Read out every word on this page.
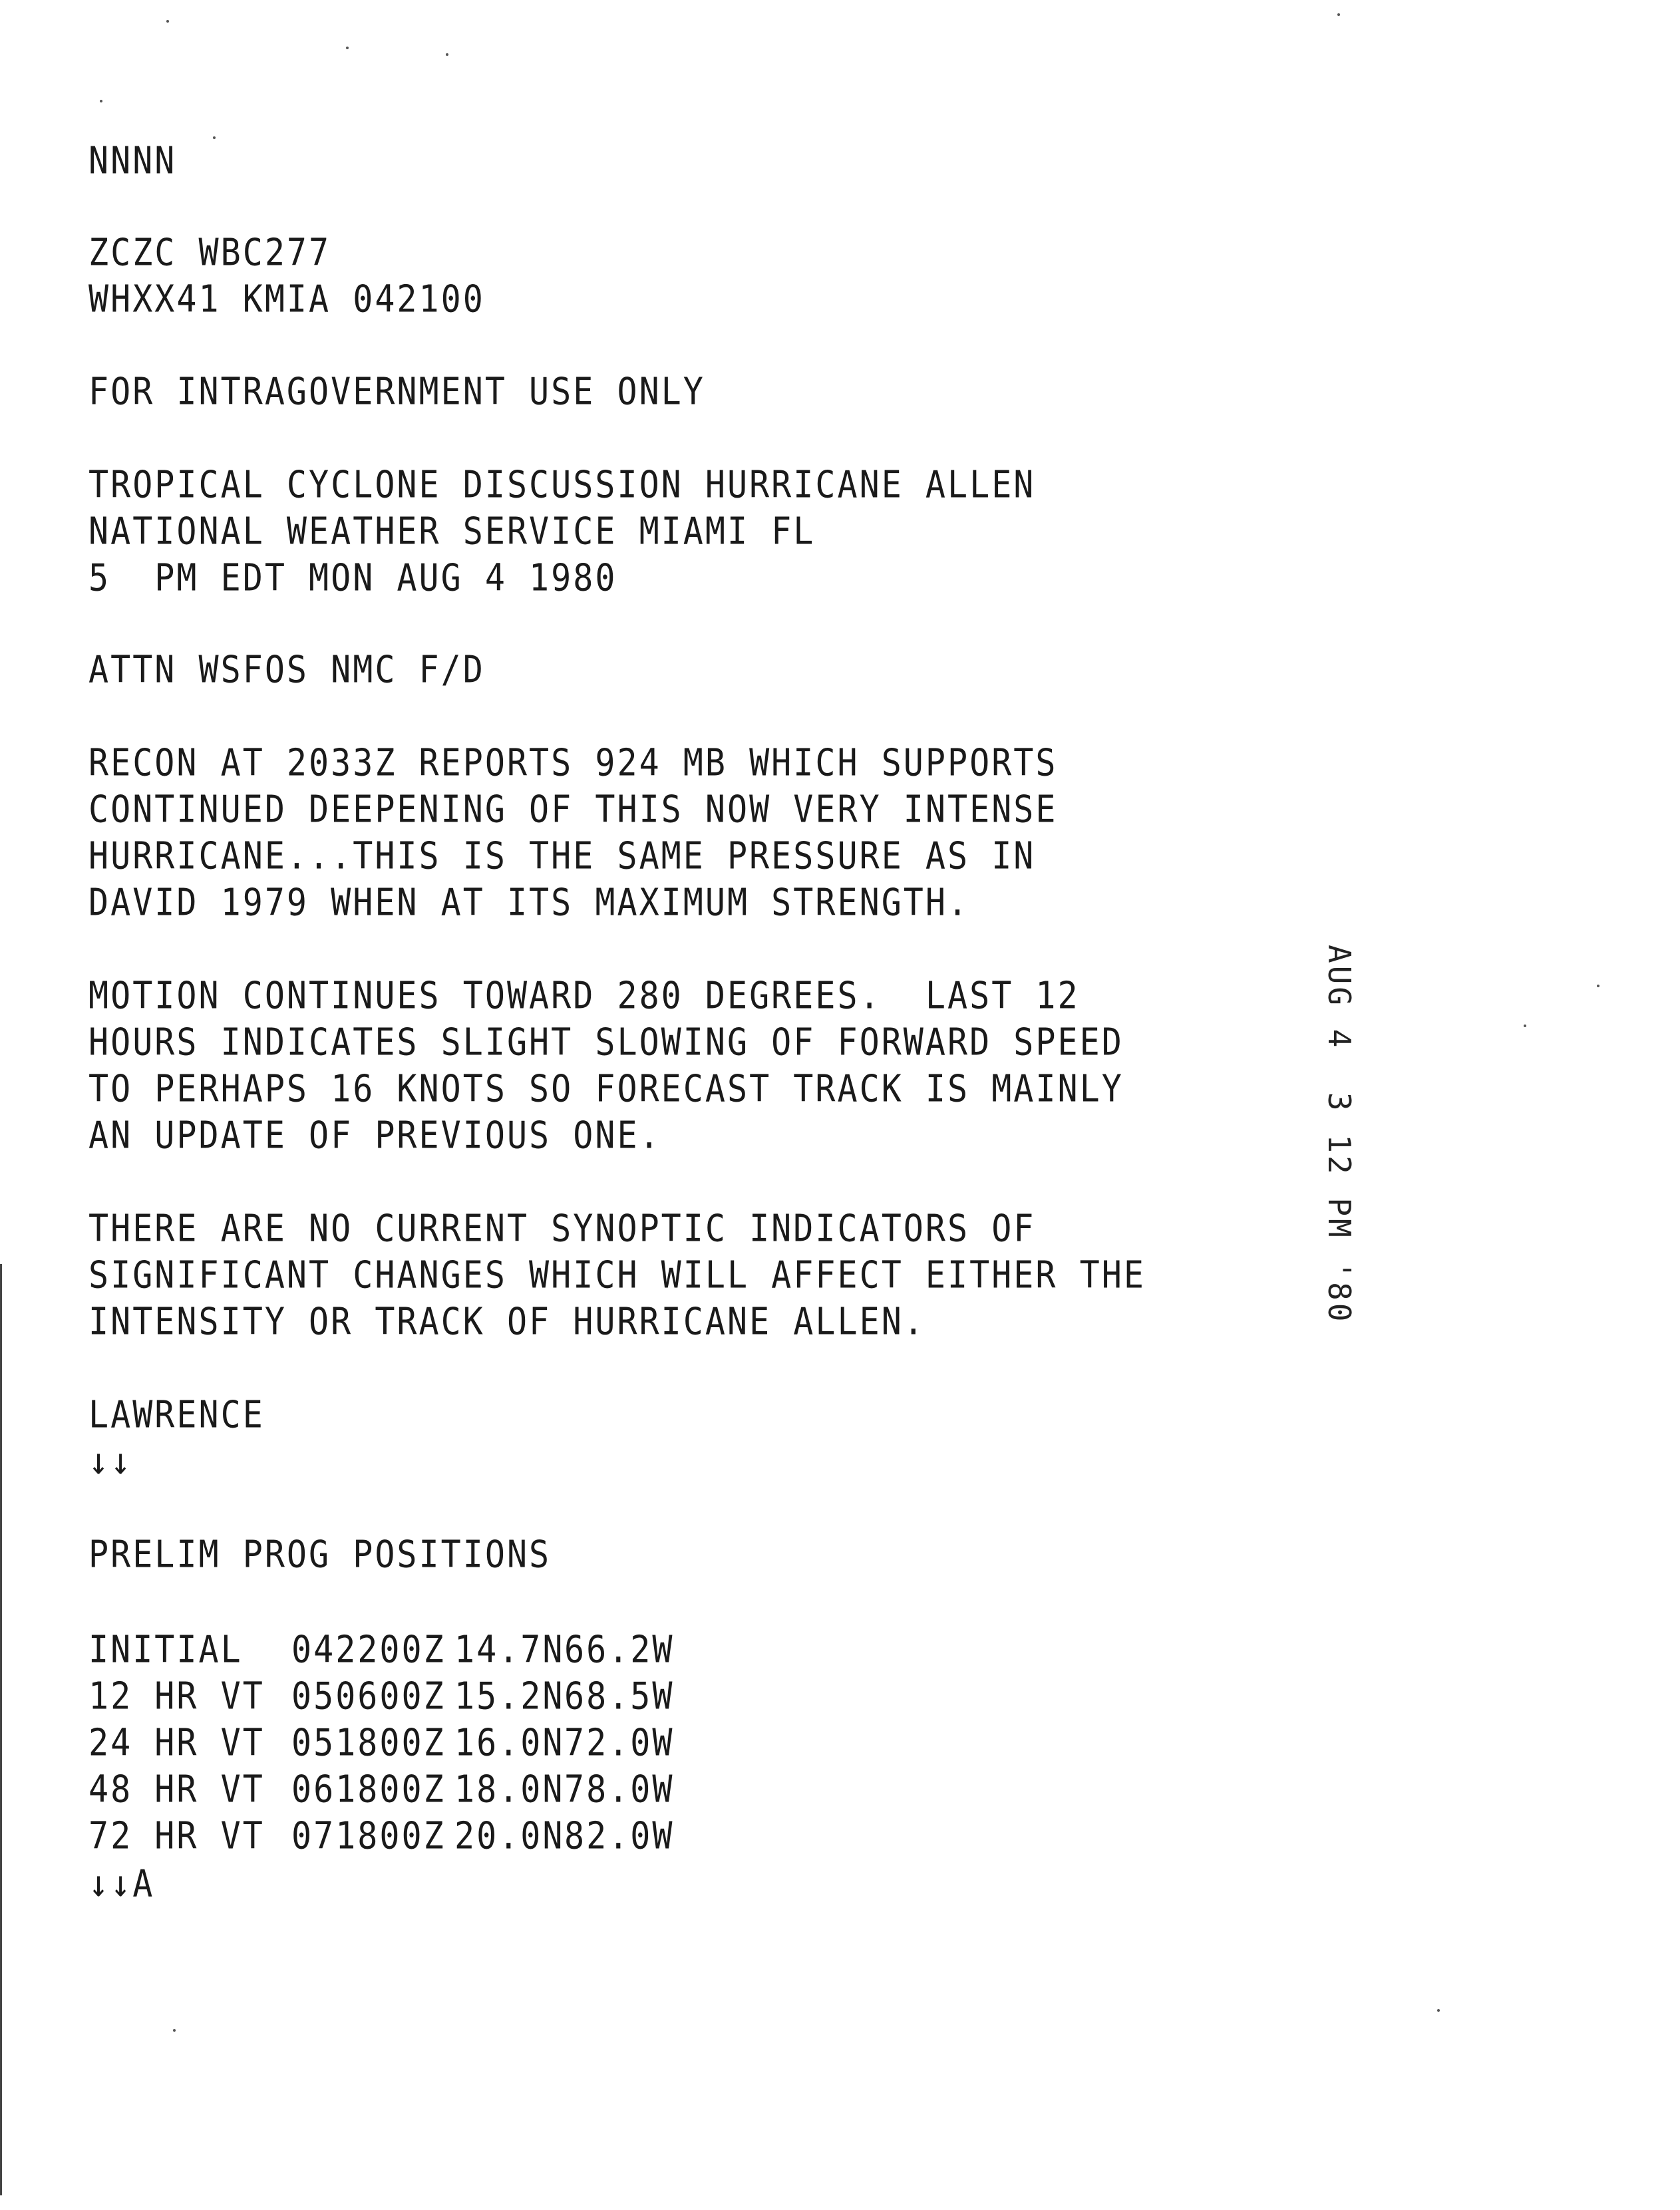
NNNN
ZCZC WBC277
WHXX41 KMIA 042100
FOR INTRAGOVERNMENT USE ONLY
TROPICAL CYCLONE DISCUSSION HURRICANE ALLEN
NATIONAL WEATHER SERVICE MIAMI FL
5  PM EDT MON AUG 4 1980
ATTN WSFOS NMC F/D
RECON AT 2033Z REPORTS 924 MB WHICH SUPPORTS
CONTINUED DEEPENING OF THIS NOW VERY INTENSE
HURRICANE...THIS IS THE SAME PRESSURE AS IN
DAVID 1979 WHEN AT ITS MAXIMUM STRENGTH.
MOTION CONTINUES TOWARD 280 DEGREES.  LAST 12
HOURS INDICATES SLIGHT SLOWING OF FORWARD SPEED
TO PERHAPS 16 KNOTS SO FORECAST TRACK IS MAINLY
AN UPDATE OF PREVIOUS ONE.
THERE ARE NO CURRENT SYNOPTIC INDICATORS OF
SIGNIFICANT CHANGES WHICH WILL AFFECT EITHER THE
INTENSITY OR TRACK OF HURRICANE ALLEN.
LAWRENCE
↓↓
PRELIM PROG POSITIONS

INITIAL

042200Z

14.7N

66.2W

12 HR VT

050600Z

15.2N

68.5W

24 HR VT

051800Z

16.0N

72.0W

48 HR VT

061800Z

18.0N

78.0W

72 HR VT

071800Z

20.0N

82.0W

↓↓A
AUG 4  3 12 PM '80
